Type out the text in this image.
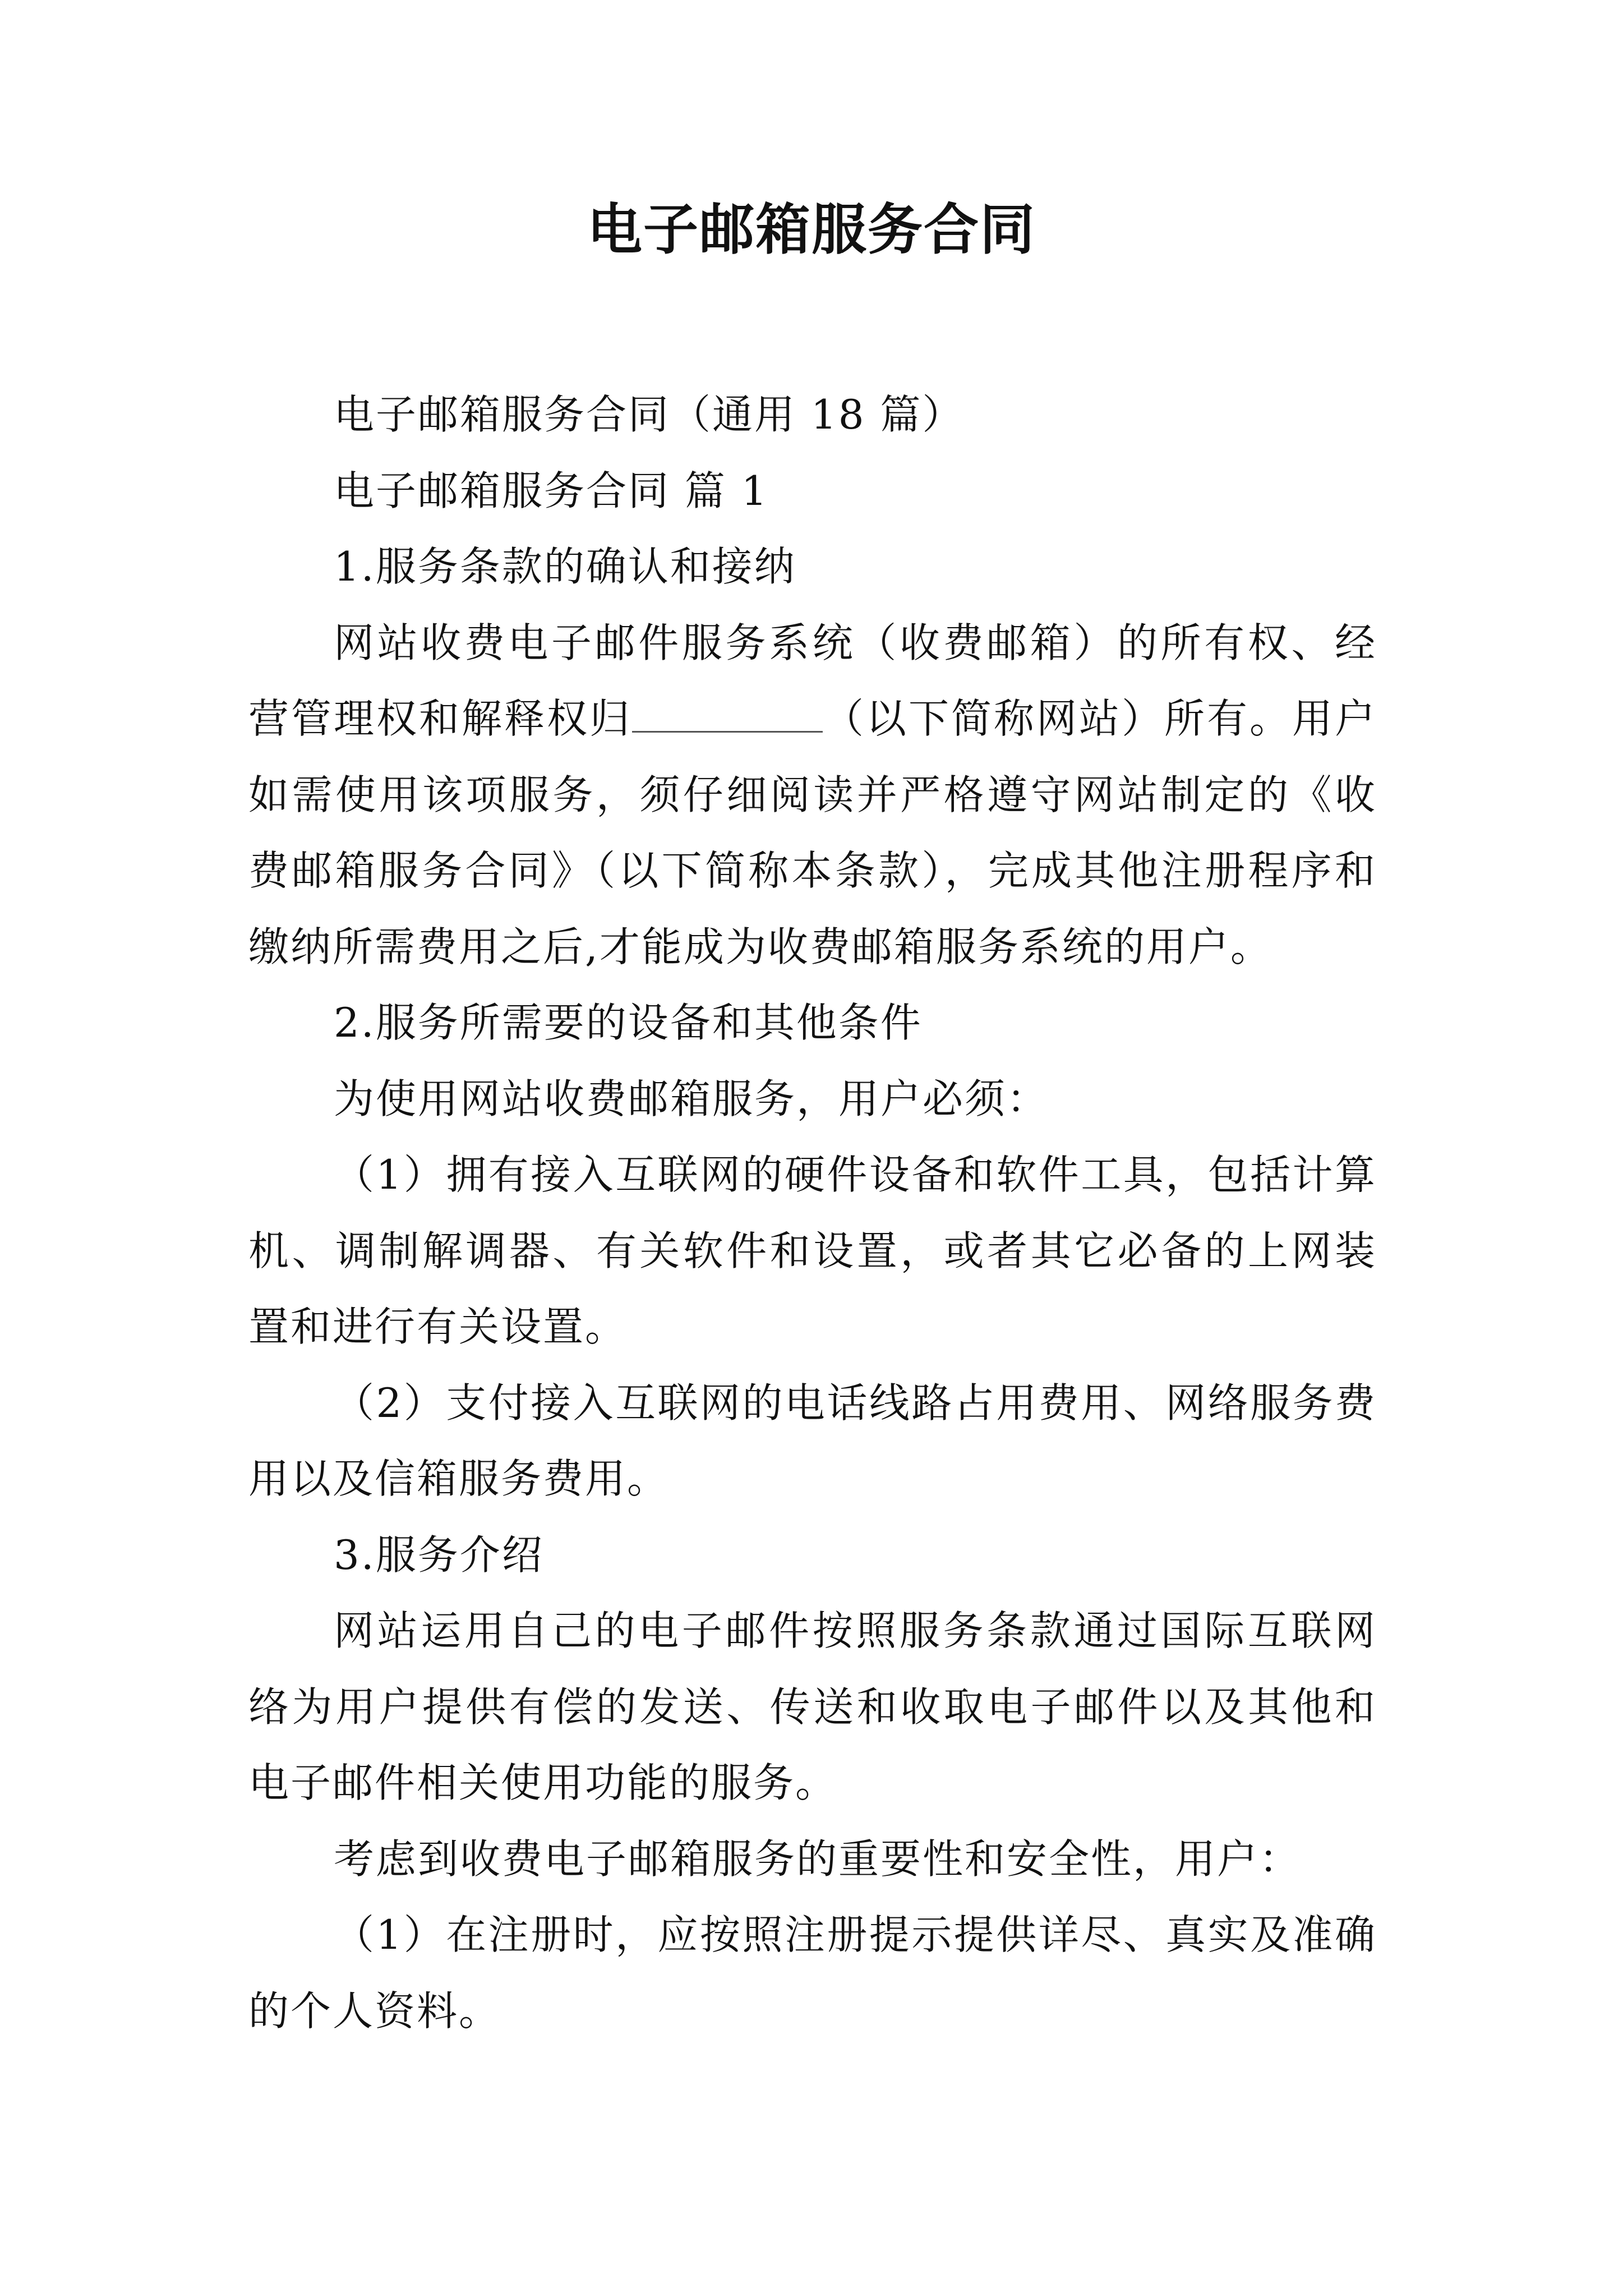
电子邮箱服务合同

电子邮箱服务合同（通用 18 篇）

电子邮箱服务合同 篇 1

1.服务条款的确认和接纳

网站收费电子邮件服务系统（收费邮箱）的所有权、经营管理权和解释权归	（以下简称网站）所有。用户如需使用该项服务，须仔细阅读并严格遵守网站制定的《收费邮箱服务合同》（以下简称本条款），完成其他注册程序和缴纳所需费用之后,才能成为收费邮箱服务系统的用户。

2.服务所需要的设备和其他条件

为使用网站收费邮箱服务，用户必须：

（1）拥有接入互联网的硬件设备和软件工具，包括计算机、调制解调器、有关软件和设置，或者其它必备的上网装置和进行有关设置。

（2）支付接入互联网的电话线路占用费用、网络服务费用以及信箱服务费用。

3.服务介绍

网站运用自己的电子邮件按照服务条款通过国际互联网络为用户提供有偿的发送、传送和收取电子邮件以及其他和电子邮件相关使用功能的服务。

考虑到收费电子邮箱服务的重要性和安全性，用户：

（1）在注册时，应按照注册提示提供详尽、真实及准确的个人资料。
